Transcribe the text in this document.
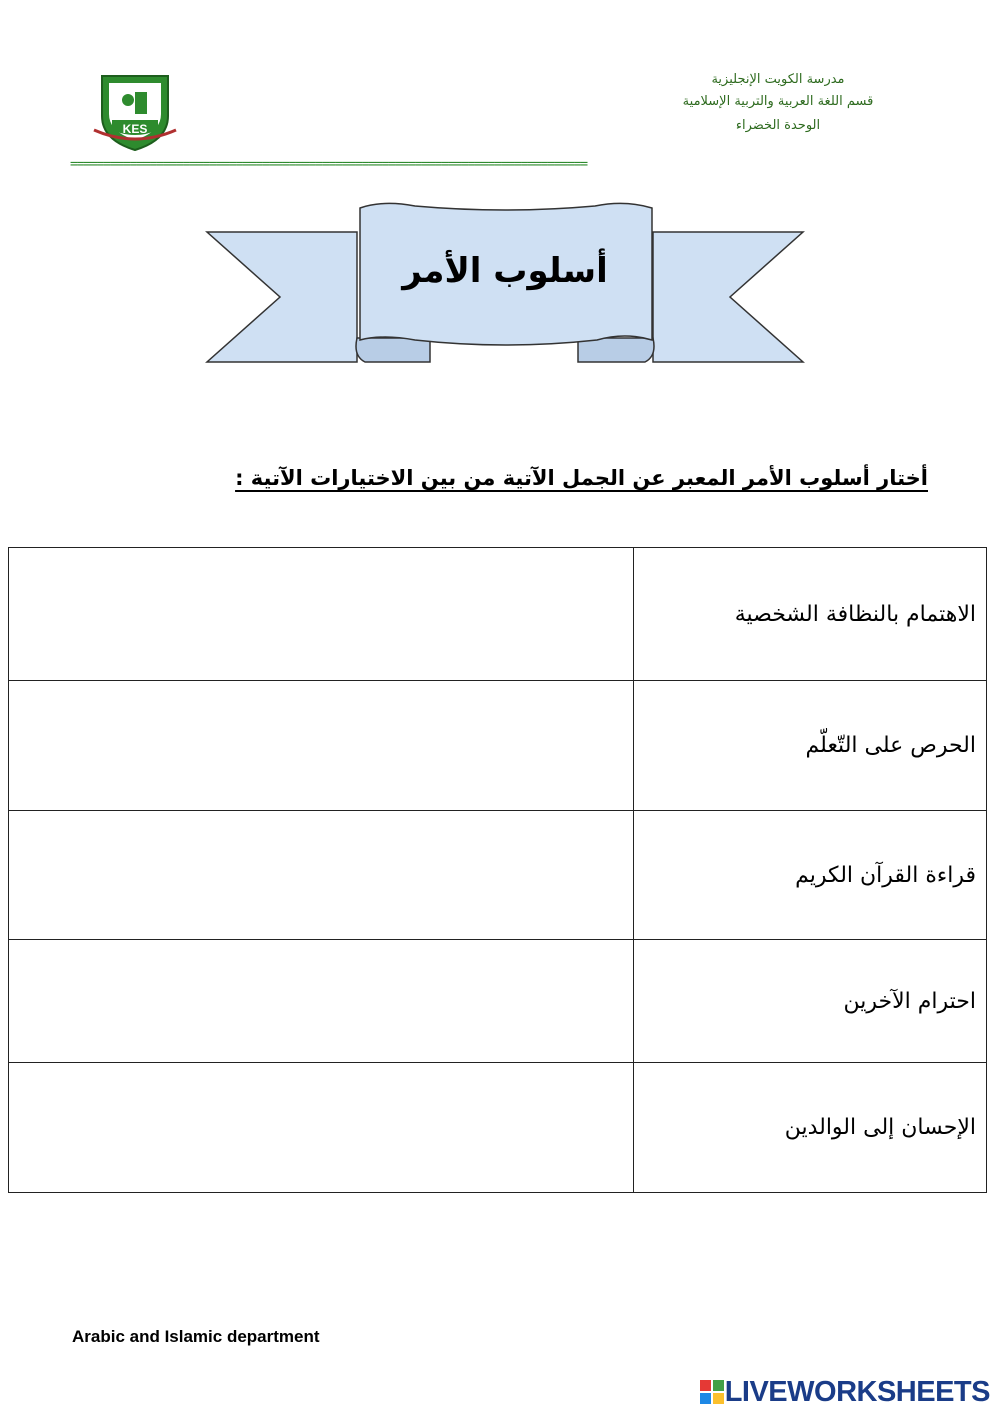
KES
مدرسة الكويت الإنجليزية
قسم اللغة العربية والتربية الإسلامية
الوحدة الخضراء
==============================================================================
أسلوب الأمر
أختار أسلوب الأمر المعبر عن الجمل الآتية من بين الاختيارات الآتية :
	الاهتمام بالنظافة الشخصية
	الحرص على التّعلّم
	قراءة القرآن الكريم
	احترام الآخرين
	الإحسان إلى الوالدين
Arabic and Islamic department
LIVEWORKSHEETS
